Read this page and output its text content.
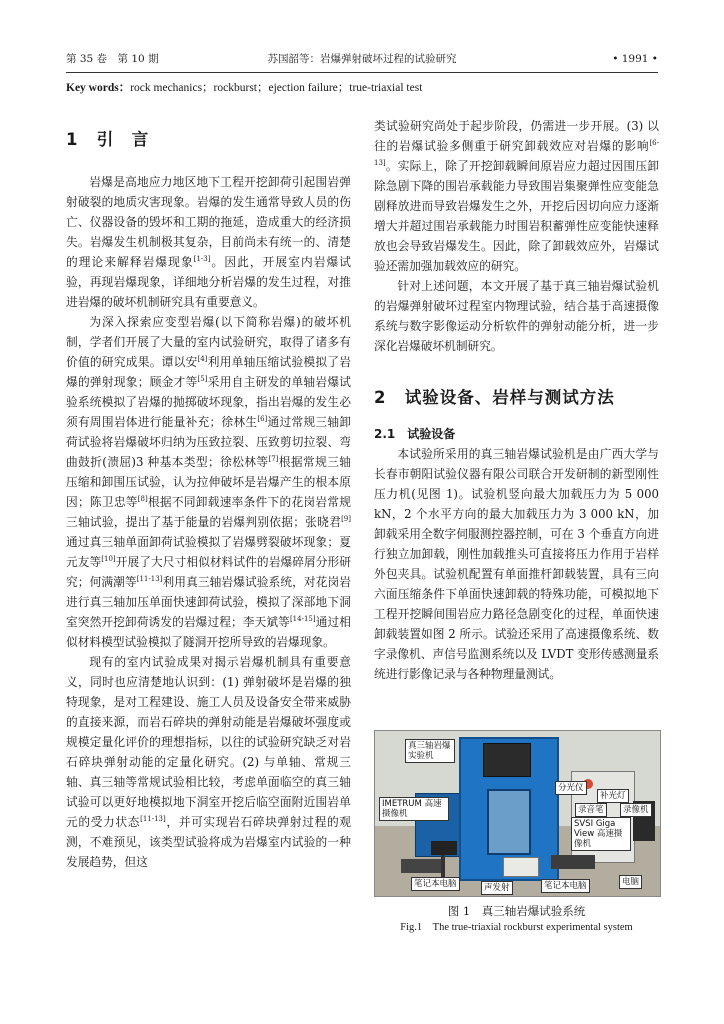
第 35 卷　第 10 期	苏国韶等：岩爆弹射破坏过程的试验研究	• 1991 •
Key words：rock mechanics；rockburst；ejection failure；true-triaxial test
1 引　言

岩爆是高地应力地区地下工程开挖卸荷引起围岩弹射破裂的地质灾害现象。岩爆的发生通常导致人员的伤亡、仪器设备的毁坏和工期的拖延，造成重大的经济损失。岩爆发生机制极其复杂，目前尚未有统一的、清楚的理论来解释岩爆现象[1-3]。因此，开展室内岩爆试验，再现岩爆现象，详细地分析岩爆的发生过程，对推进岩爆的破坏机制研究具有重要意义。

为深入探索应变型岩爆(以下简称岩爆)的破坏机制，学者们开展了大量的室内试验研究，取得了诸多有价值的研究成果。谭以安[4]利用单轴压缩试验模拟了岩爆的弹射现象；顾金才等[5]采用自主研发的单轴岩爆试验系统模拟了岩爆的抛掷破坏现象，指出岩爆的发生必须有周围岩体进行能量补充；徐林生[6]通过常规三轴卸荷试验将岩爆破坏归纳为压致拉裂、压致剪切拉裂、弯曲鼓折(溃屈)3 种基本类型；徐松林等[7]根据常规三轴压缩和卸围压试验，认为拉伸破坏是岩爆产生的根本原因；陈卫忠等[8]根据不同卸载速率条件下的花岗岩常规三轴试验，提出了基于能量的岩爆判别依据；张晓君[9]通过真三轴单面卸荷试验模拟了岩爆劈裂破坏现象；夏元友等[10]开展了大尺寸相似材料试件的岩爆碎屑分形研究；何满潮等[11-13]利用真三轴岩爆试验系统，对花岗岩进行真三轴加压单面快速卸荷试验，模拟了深部地下洞室突然开挖卸荷诱发的岩爆过程；李天斌等[14-15]通过相似材料模型试验模拟了隧洞开挖所导致的岩爆现象。

现有的室内试验成果对揭示岩爆机制具有重要意义，同时也应清楚地认识到：(1) 弹射破坏是岩爆的独特现象，是对工程建设、施工人员及设备安全带来威胁的直接来源，而岩石碎块的弹射动能是岩爆破坏强度或规模定量化评价的理想指标，以往的试验研究缺乏对岩石碎块弹射动能的定量化研究。(2) 与单轴、常规三轴、真三轴等常规试验相比较，考虑单面临空的真三轴试验可以更好地模拟地下洞室开挖后临空面附近围岩单元的受力状态[11-13]，并可实现岩石碎块弹射过程的观测，不难预见，该类型试验将成为岩爆室内试验的一种发展趋势，但这

类试验研究尚处于起步阶段，仍需进一步开展。(3) 以往的岩爆试验多侧重于研究卸载效应对岩爆的影响[6-13]。实际上，除了开挖卸载瞬间原岩应力超过因围压卸除急剧下降的围岩承载能力导致围岩集聚弹性应变能急剧释放进而导致岩爆发生之外，开挖后因切向应力逐渐增大并超过围岩承载能力时围岩积蓄弹性应变能快速释放也会导致岩爆发生。因此，除了卸载效应外，岩爆试验还需加强加载效应的研究。

针对上述问题，本文开展了基于真三轴岩爆试验机的岩爆弹射破坏过程室内物理试验，结合基于高速摄像系统与数字影像运动分析软件的弹射动能分析，进一步深化岩爆破坏机制研究。

2 试验设备、岩样与测试方法
2.1　试验设备

本试验所采用的真三轴岩爆试验机是由广西大学与长春市朝阳试验仪器有限公司联合开发研制的新型刚性压力机(见图 1)。试验机竖向最大加载压力为 5 000 kN，2 个水平方向的最大加载压力为 3 000 kN，加卸载采用全数字伺服测控器控制，可在 3 个垂直方向进行独立加卸载，刚性加载推头可直接将压力作用于岩样外包夹具。试验机配置有单面推杆卸载装置，具有三向六面压缩条件下单面快速卸载的特殊功能，可模拟地下工程开挖瞬间围岩应力路径急剧变化的过程，单面快速卸载装置如图 2 所示。试验还采用了高速摄像系统、数字录像机、声信号监测系统以及 LVDT 变形传感测量系统进行影像记录与各种物理量测试。

真三轴岩爆实验机
IMETRUM 高速摄像机
分光仪
补光灯
录音笔	录像机
SVSI Giga View 高速摄像机
笔记本电脑	声发射	笔记本电脑	电脑
图 1　真三轴岩爆试验系统
Fig.1　The true-triaxial rockburst experimental system
